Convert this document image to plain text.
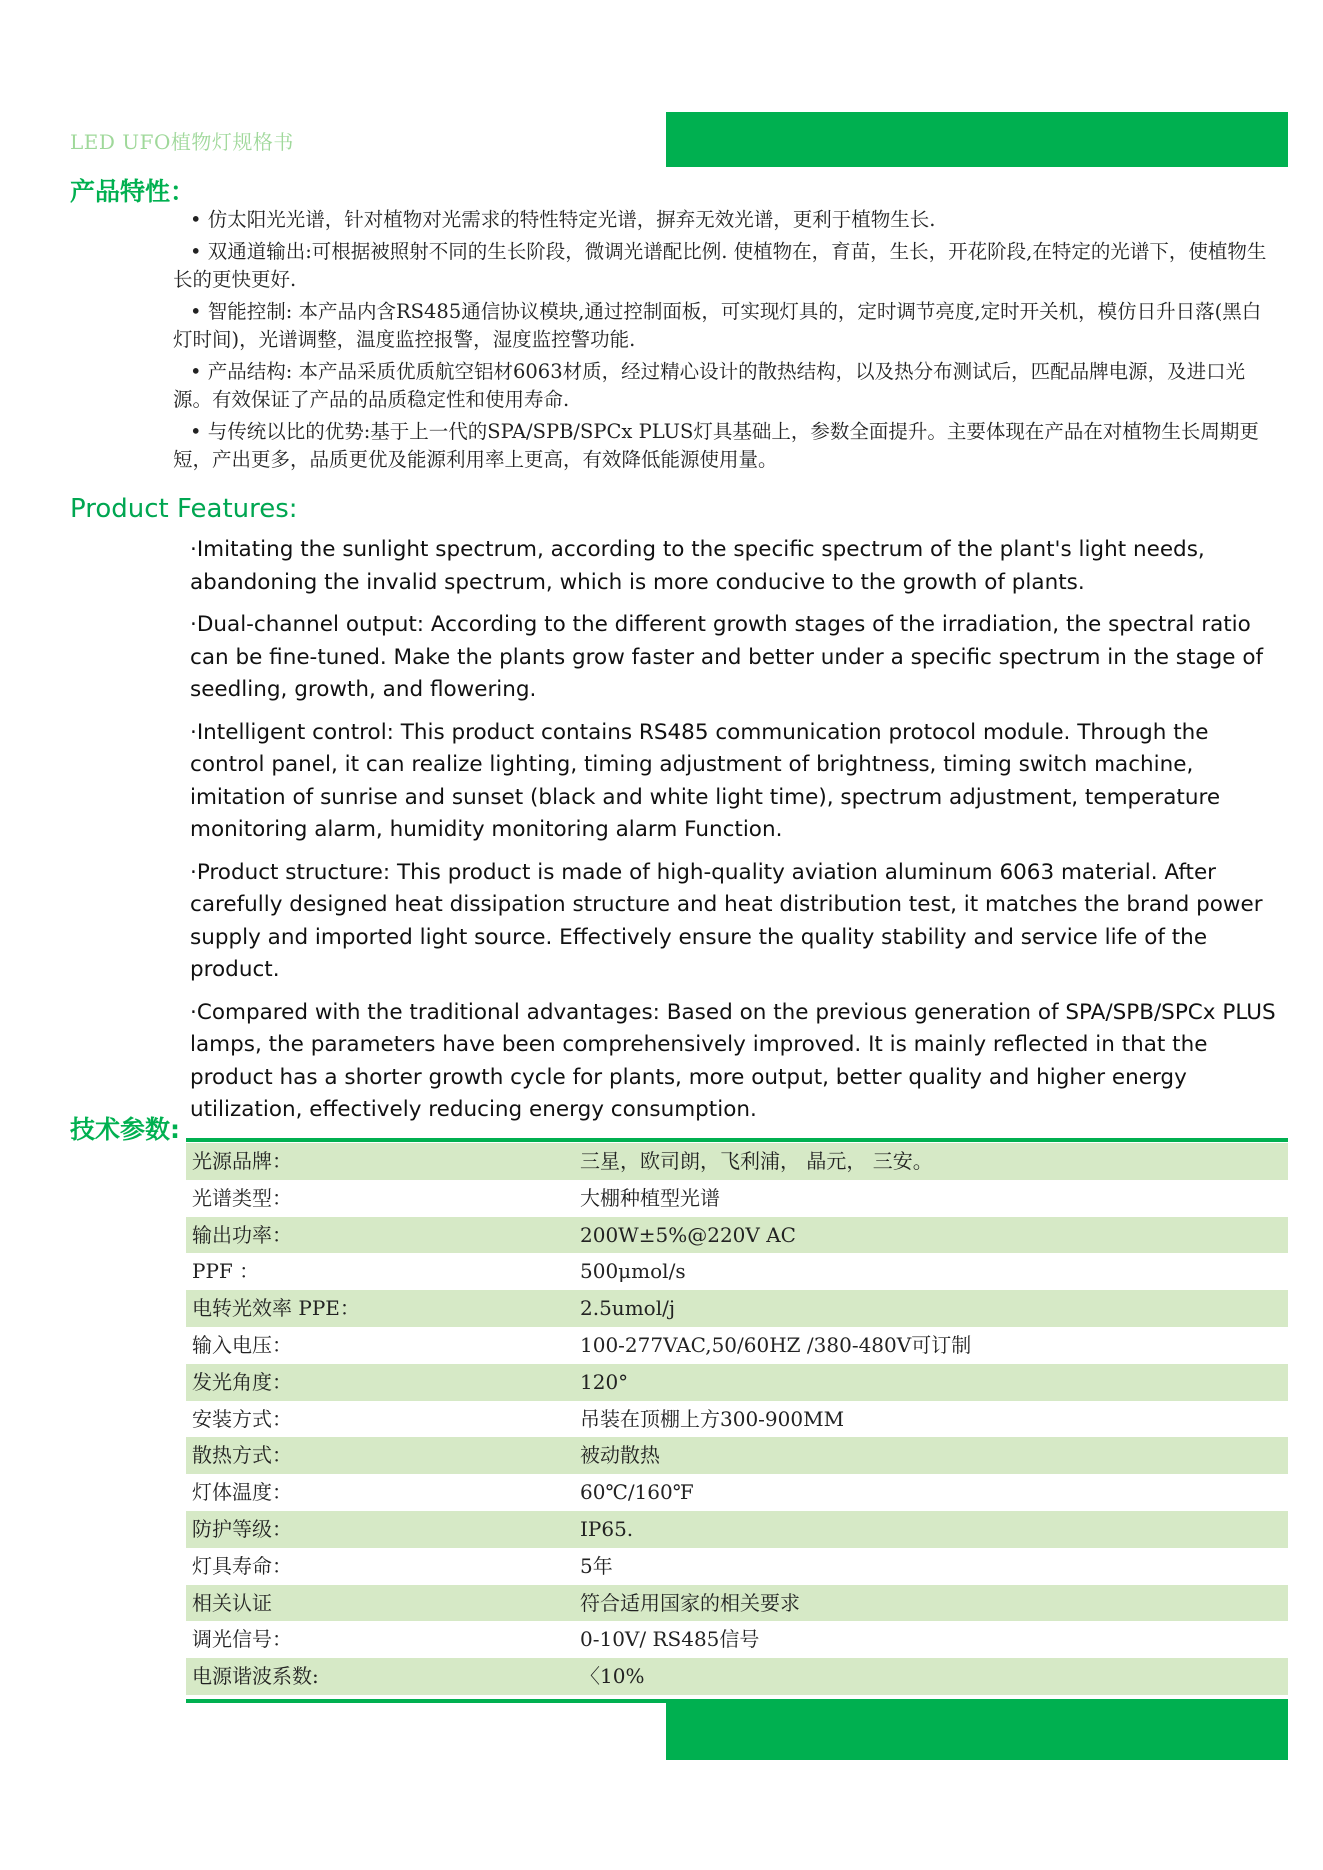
LED UFO植物灯规格书
产品特性：

• 仿太阳光光谱，针对植物对光需求的特性特定光谱，摒弃无效光谱，更利于植物生长.

• 双通道输出:可根据被照射不同的生长阶段，微调光谱配比例. 使植物在，育苗，生长，开花阶段,在特定的光谱下，使植物生长的更快更好.

• 智能控制: 本产品内含RS485通信协议模块,通过控制面板，可实现灯具的，定时调节亮度,定时开关机，模仿日升日落(黑白灯时间)，光谱调整，温度监控报警，湿度监控警功能.

• 产品结构: 本产品采质优质航空铝材6063材质，经过精心设计的散热结构，以及热分布测试后，匹配品牌电源，及进口光源。有效保证了产品的品质稳定性和使用寿命.

• 与传统以比的优势:基于上一代的SPA/SPB/SPCx PLUS灯具基础上，参数全面提升。主要体现在产品在对植物生长周期更短，产出更多，品质更优及能源利用率上更高，有效降低能源使用量。

Product Features:

·Imitating the sunlight spectrum, according to the specific spectrum of the plant's light needs, abandoning the invalid spectrum, which is more conducive to the growth of plants.

·Dual-channel output: According to the different growth stages of the irradiation, the spectral ratio can be fine-tuned. Make the plants grow faster and better under a specific spectrum in the stage of seedling, growth, and flowering.

·Intelligent control: This product contains RS485 communication protocol module. Through the control panel, it can realize lighting, timing adjustment of brightness, timing switch machine, imitation of sunrise and sunset (black and white light time), spectrum adjustment, temperature monitoring alarm, humidity monitoring alarm Function.

·Product structure: This product is made of high-quality aviation aluminum 6063 material. After carefully designed heat dissipation structure and heat distribution test, it matches the brand power supply and imported light source. Effectively ensure the quality stability and service life of the product.

·Compared with the traditional advantages: Based on the previous generation of SPA/SPB/SPCx PLUS lamps, the parameters have been comprehensively improved. It is mainly reflected in that the product has a shorter growth cycle for plants, more output, better quality and higher energy utilization, effectively reducing energy consumption.

技术参数:
光源品牌：	三星，欧司朗，飞利浦， 晶元， 三安。
光谱类型：	大棚种植型光谱
输出功率：	200W±5%@220V AC
PPF ：	500μmol/s
电转光效率 PPE：	2.5umol/j
输入电压：	100-277VAC,50/60HZ /380-480V可订制
发光角度：	120°
安装方式：	吊装在顶棚上方300-900MM
散热方式：	被动散热
灯体温度：	60℃/160℉
防护等级：	IP65.
灯具寿命：	5年
相关认证	符合适用国家的相关要求
调光信号：	0-10V/ RS485信号
电源谐波系数:	〈10%
